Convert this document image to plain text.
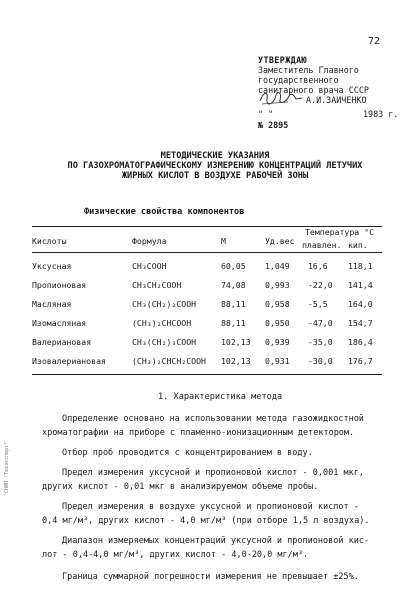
72
УТВЕРЖДАЮ
Заместитель Главного
государственного
санитарного врача СССР
А.И.ЗАИЧЕНКО
" "	1983 г.
№ 2895
МЕТОДИЧЕСКИЕ УКАЗАНИЯ
ПО ГАЗОХРОМАТОГРАФИЧЕСКОМУ ИЗМЕРЕНИЮ КОНЦЕНТРАЦИЙ ЛЕТУЧИХ
ЖИРНЫХ КИСЛОТ В ВОЗДУХЕ РАБОЧЕЙ ЗОНЫ
Физические свойства компонентов
Кислоты	Формула	М	Уд.вес
Температура °С
плавлен. кип.
Уксусная	CH₃COOH	60,05 1,049 16,6 118,1
Пропионовая	CH₃CH₂COOH	74,08 0,993 -22,0 141,4
Масляная	CH₃(CH₂)₂COOH	88,11 0,958 -5,5 164,0
Изомасляная	(CH₃)₂CHCOOH	88,11 0,950 -47,0 154,7
Валериановая	CH₃(CH₂)₃COOH	102,13 0,939 -35,0 186,4
Изовалериановая	(CH₃)₂CHCH₂COOH 102,13 0,931 -30,0 176,7
1. Характеристика метода
Определение основано на использовании метода газожидкостной
хроматографии на приборе с пламенно-ионизационным детектором.
Отбор проб проводится с концентрированием в воду.
Предел измерения уксусной и пропионовой кислот - 0,001 мкг,
других кислот - 0,01 мкг в анализируемом объеме пробы.
Предел измерения в воздухе уксусной и пропионовой кислот -
0,4 мг/м³, других кислот - 4,0 мг/м³ (при отборе 1,5 л воздуха).
Диапазон измеряемых концентраций уксусной и пропионовой кис-
лот - 0,4-4,0 мг/м³, других кислот - 4,0-20,0 мг/м³.
Граница суммарной погрешности измерения не превышает ±25%.
"СНИП "Техэксперт"
